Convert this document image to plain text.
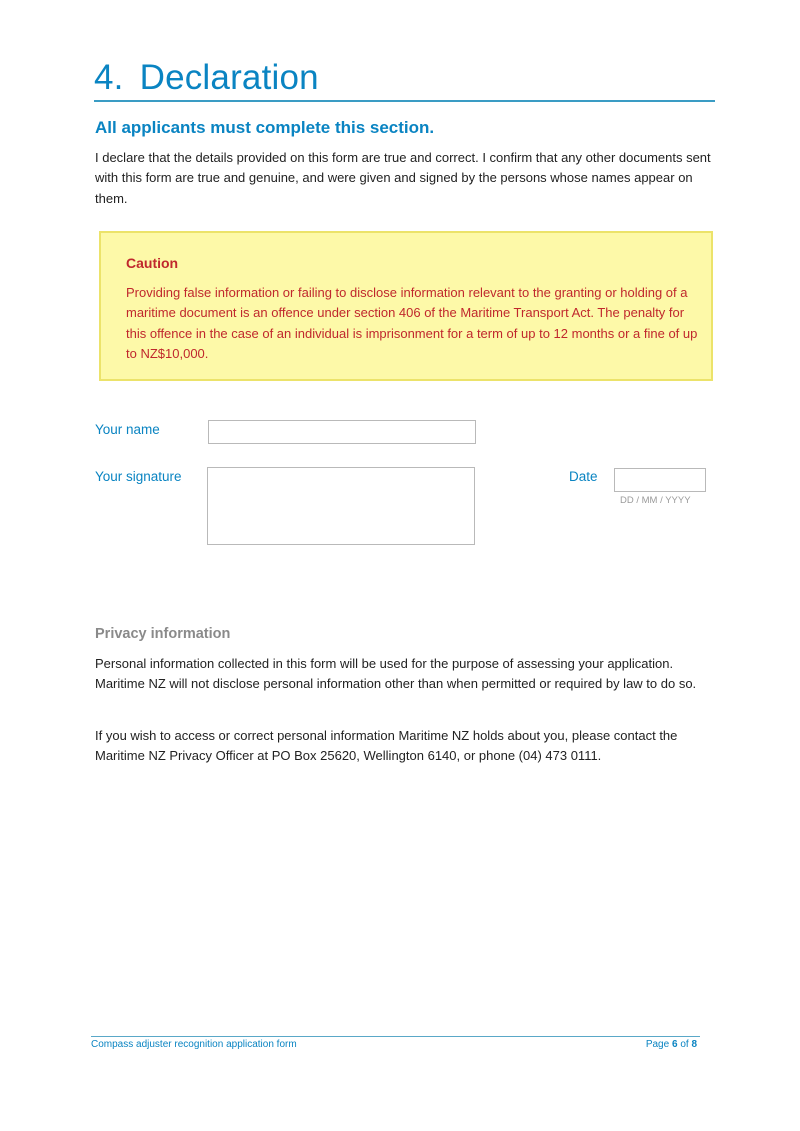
4. Declaration
All applicants must complete this section.
I declare that the details provided on this form are true and correct. I confirm that any other documents sent with this form are true and genuine, and were given and signed by the persons whose names appear on them.
Caution
Providing false information or failing to disclose information relevant to the granting or holding of a maritime document is an offence under section 406 of the Maritime Transport Act. The penalty for this offence in the case of an individual is imprisonment for a term of up to 12 months or a fine of up to NZ$10,000.
Your name
Your signature	Date
DD / MM / YYYY
Privacy information
Personal information collected in this form will be used for the purpose of assessing your application. Maritime NZ will not disclose personal information other than when permitted or required by law to do so.
If you wish to access or correct personal information Maritime NZ holds about you, please contact the Maritime NZ Privacy Officer at PO Box 25620, Wellington 6140, or phone (04) 473 0111.
Compass adjuster recognition application form	Page 6 of 8
